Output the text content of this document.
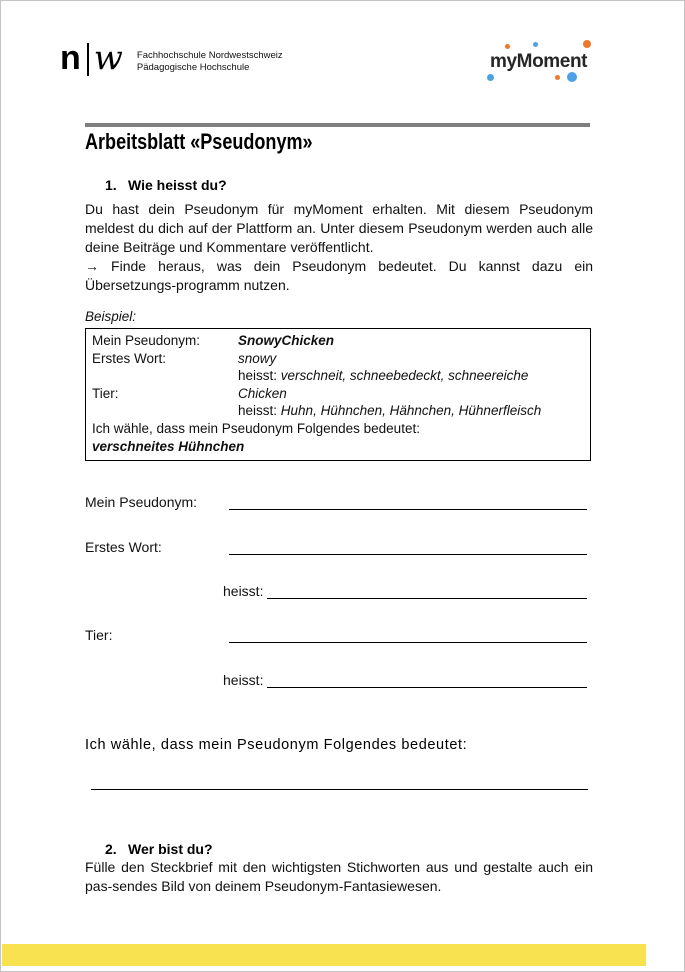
n w Fachhochschule Nordwestschweiz
Pädagogische Hochschule	myMoment
Arbeitsblatt «Pseudonym»
1. Wie heisst du?

Du hast dein Pseudonym für myMoment erhalten. Mit diesem Pseudonym meldest du dich auf der Plattform an. Unter diesem Pseudonym werden auch alle deine Beiträge und Kommentare veröffentlicht.

→ Finde heraus, was dein Pseudonym bedeutet. Du kannst dazu ein Übersetzungs-programm nutzen.

Beispiel:
Mein Pseudonym:	SnowyChicken
Erstes Wort:	snowy
heisst: verschneit, schneebedeckt, schneereiche
Tier:	Chicken
heisst: Huhn, Hühnchen, Hähnchen, Hühnerfleisch
Ich wähle, dass mein Pseudonym Folgendes bedeutet:
verschneites Hühnchen
Mein Pseudonym:
Erstes Wort:
heisst:
Tier:
heisst:
Ich wähle, dass mein Pseudonym Folgendes bedeutet:
2. Wer bist du?

Fülle den Steckbrief mit den wichtigsten Stichworten aus und gestalte auch ein pas-sendes Bild von deinem Pseudonym-Fantasiewesen.
